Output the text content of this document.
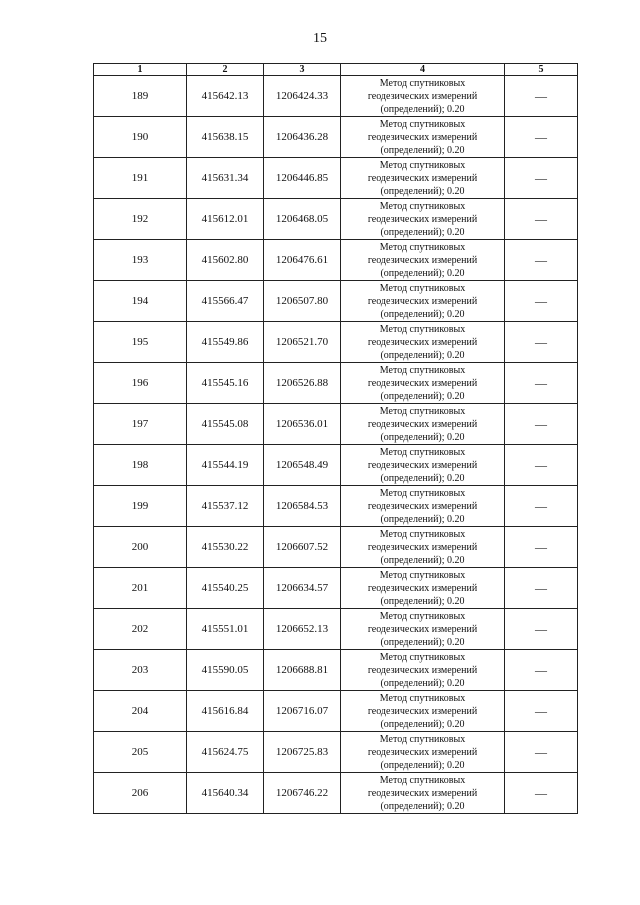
15
1	2	3	4	5
189	415642.13	1206424.33	Метод спутниковых
геодезических измерений
(определений); 0.20	—
190	415638.15	1206436.28	Метод спутниковых
геодезических измерений
(определений); 0.20	—
191	415631.34	1206446.85	Метод спутниковых
геодезических измерений
(определений); 0.20	—
192	415612.01	1206468.05	Метод спутниковых
геодезических измерений
(определений); 0.20	—
193	415602.80	1206476.61	Метод спутниковых
геодезических измерений
(определений); 0.20	—
194	415566.47	1206507.80	Метод спутниковых
геодезических измерений
(определений); 0.20	—
195	415549.86	1206521.70	Метод спутниковых
геодезических измерений
(определений); 0.20	—
196	415545.16	1206526.88	Метод спутниковых
геодезических измерений
(определений); 0.20	—
197	415545.08	1206536.01	Метод спутниковых
геодезических измерений
(определений); 0.20	—
198	415544.19	1206548.49	Метод спутниковых
геодезических измерений
(определений); 0.20	—
199	415537.12	1206584.53	Метод спутниковых
геодезических измерений
(определений); 0.20	—
200	415530.22	1206607.52	Метод спутниковых
геодезических измерений
(определений); 0.20	—
201	415540.25	1206634.57	Метод спутниковых
геодезических измерений
(определений); 0.20	—
202	415551.01	1206652.13	Метод спутниковых
геодезических измерений
(определений); 0.20	—
203	415590.05	1206688.81	Метод спутниковых
геодезических измерений
(определений); 0.20	—
204	415616.84	1206716.07	Метод спутниковых
геодезических измерений
(определений); 0.20	—
205	415624.75	1206725.83	Метод спутниковых
геодезических измерений
(определений); 0.20	—
206	415640.34	1206746.22	Метод спутниковых
геодезических измерений
(определений); 0.20	—
